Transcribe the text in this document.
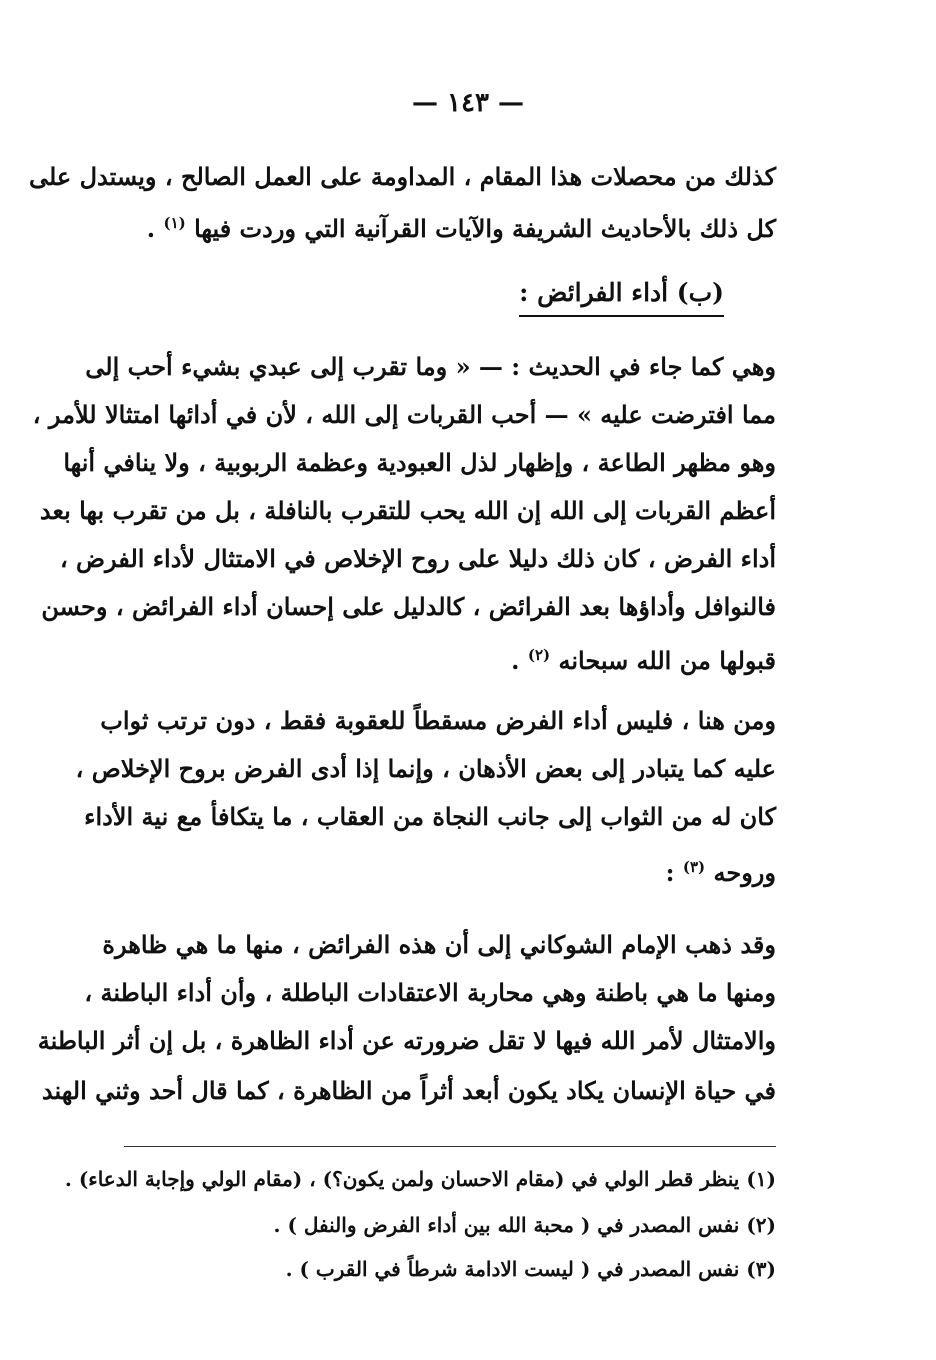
— ١٤٣ —
كذلك من محصلات هذا المقام ، المداومة على العمل الصالح ، ويستدل على
كل ذلك بالأحاديث الشريفة والآيات القرآنية التي وردت فيها $^{(١)}$ .
(ب) أداء الفرائض :
وهي كما جاء في الحديث : — « وما تقرب إلى عبدي بشيء أحب إلى
مما افترضت عليه » — أحب القربات إلى الله ، لأن في أدائها امتثالا للأمر ،
وهو مظهر الطاعة ، وإظهار لذل العبودية وعظمة الربوبية ، ولا ينافي أنها
أعظم القربات إلى الله إن الله يحب للتقرب بالنافلة ، بل من تقرب بها بعد
أداء الفرض ، كان ذلك دليلا على روح الإخلاص في الامتثال لأداء الفرض ،
فالنوافل وأداؤها بعد الفرائض ، كالدليل على إحسان أداء الفرائض ، وحسن
قبولها من الله سبحانه $^{(٢)}$ .
ومن هنا ، فليس أداء الفرض مسقطاً للعقوبة فقط ، دون ترتب ثواب
عليه كما يتبادر إلى بعض الأذهان ، وإنما إذا أدى الفرض بروح الإخلاص ،
كان له من الثواب إلى جانب النجاة من العقاب ، ما يتكافأ مع نية الأداء
وروحه $^{(٣)}$ :
وقد ذهب الإمام الشوكاني إلى أن هذه الفرائض ، منها ما هي ظاهرة
ومنها ما هي باطنة وهي محاربة الاعتقادات الباطلة ، وأن أداء الباطنة ،
والامتثال لأمر الله فيها لا تقل ضرورته عن أداء الظاهرة ، بل إن أثر الباطنة
في حياة الإنسان يكاد يكون أبعد أثراً من الظاهرة ، كما قال أحد وثني الهند
(١) ينظر قطر الولي في (مقام الاحسان ولمن يكون؟) ، (مقام الولي وإجابة الدعاء) .
(٢) نفس المصدر في ( محبة الله بين أداء الفرض والنفل ) .
(٣) نفس المصدر في ( ليست الادامة شرطاً في القرب ) .
